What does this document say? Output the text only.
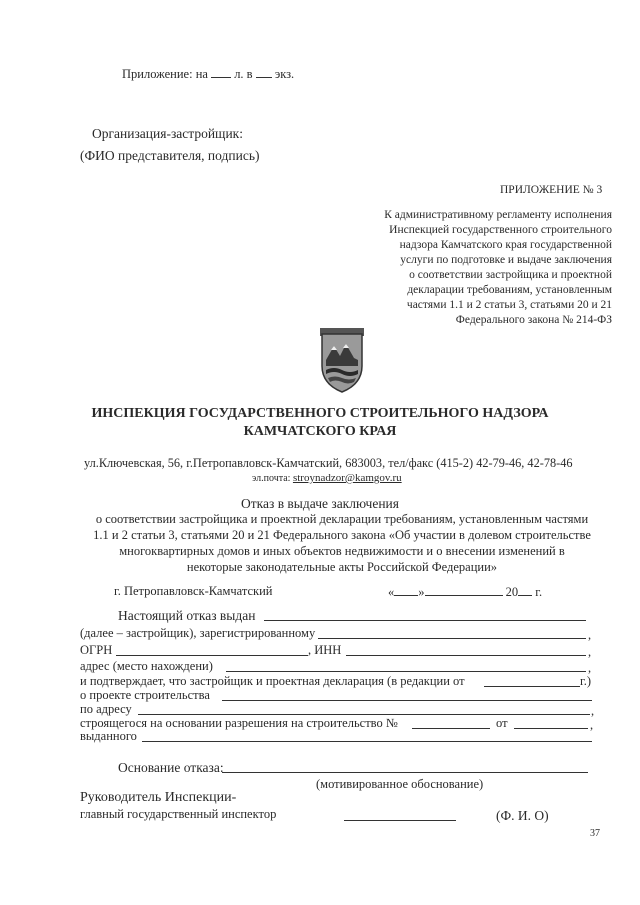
Приложение: на л. в экз.
Организация-застройщик:
(ФИО представителя, подпись)
ПРИЛОЖЕНИЕ № 3
К административному регламенту исполнения
Инспекцией государственного строительного
надзора Камчатского края государственной
услуги по подготовке и выдаче заключения
о соответствии застройщика и проектной
декларации требованиям, установленным
частями 1.1 и 2 статьи 3, статьями 20 и 21
Федерального закона № 214-ФЗ
ИНСПЕКЦИЯ ГОСУДАРСТВЕННОГО СТРОИТЕЛЬНОГО НАДЗОРА
КАМЧАТСКОГО КРАЯ
ул.Ключевская, 56, г.Петропавловск-Камчатский, 683003, тел/факс (415-2) 42-79-46, 42-78-46
эл.почта: stroynadzor@kamgov.ru
Отказ в выдаче заключения
о соответствии застройщика и проектной декларации требованиям, установленным частями
1.1 и 2 статьи 3, статьями 20 и 21 Федерального закона «Об участии в долевом строительстве
многоквартирных домов и иных объектов недвижимости и о внесении изменений в
некоторые законодательные акты Российской Федерации»
г. Петропавловск-Камчатский	« »	20 г.
Настоящий отказ выдан
(далее – застройщик), зарегистрированному	,
ОГРН	, ИНН	,
адрес (место нахождени)	,
и подтверждает, что застройщик и проектная декларация (в редакции от	г.)
о проекте строительства
по адресу	,
строящегося на основании разрешения на строительство №	от	,
выданного
Основание отказа:
(мотивированное обоснование)
Руководитель Инспекции-
главный государственный инспектор	(Ф. И. О)
37
